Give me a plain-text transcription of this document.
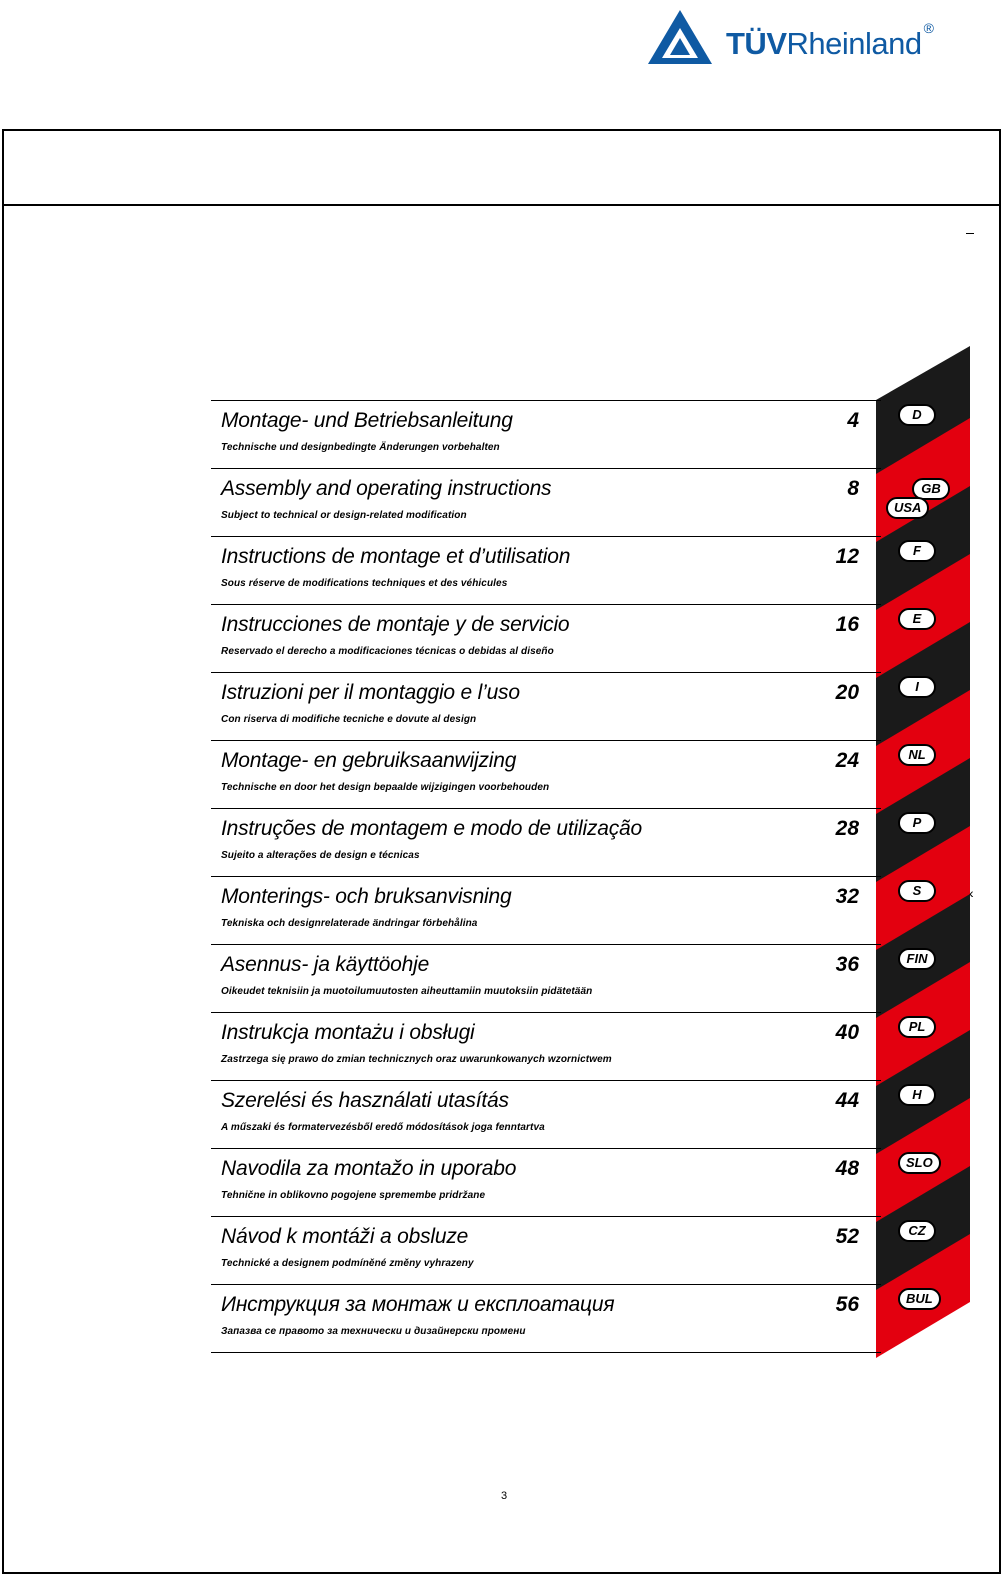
TÜVRheinland ®
D
GB
USA
F
E
I
NL
P
S
FIN
PL
H
SLO
CZ
BUL
Montage- und Betriebsanleitung
Technische und designbedingte Änderungen vorbehalten
4
Assembly and operating instructions
Subject to technical or design-related modification
8
Instructions de montage et d’utilisation
Sous réserve de modifications techniques et des véhicules
12
Instrucciones de montaje y de servicio
Reservado el derecho a modificaciones técnicas o debidas al diseño
16
Istruzioni per il montaggio e l’uso
Con riserva di modifiche tecniche e dovute al design
20
Montage- en gebruiksaanwijzing
Technische en door het design bepaalde wijzigingen voorbehouden
24
Instruções de montagem e modo de utilização
Sujeito a alterações de design e técnicas
28
Monterings- och bruksanvisning
Tekniska och designrelaterade ändringar förbehålina
32
Asennus- ja käyttöohje
Oikeudet teknisiin ja muotoilumuutosten aiheuttamiin muutoksiin pidätetään
36
Instrukcja montażu i obsługi
Zastrzega się prawo do zmian technicznych oraz uwarunkowanych wzornictwem
40
Szerelési és használati utasítás
A műszaki és formatervezésből eredő módosítások joga fenntartva
44
Navodila za montažo in uporabo
Tehnične in oblikovno pogojene spremembe pridržane
48
Návod k montáži a obsluze
Technické a designem podmíněné změny vyhrazeny
52
Инструкция за монтаж и експлоатация
Запазва се правото за технически и дизайнерски промени
56
3
‹
